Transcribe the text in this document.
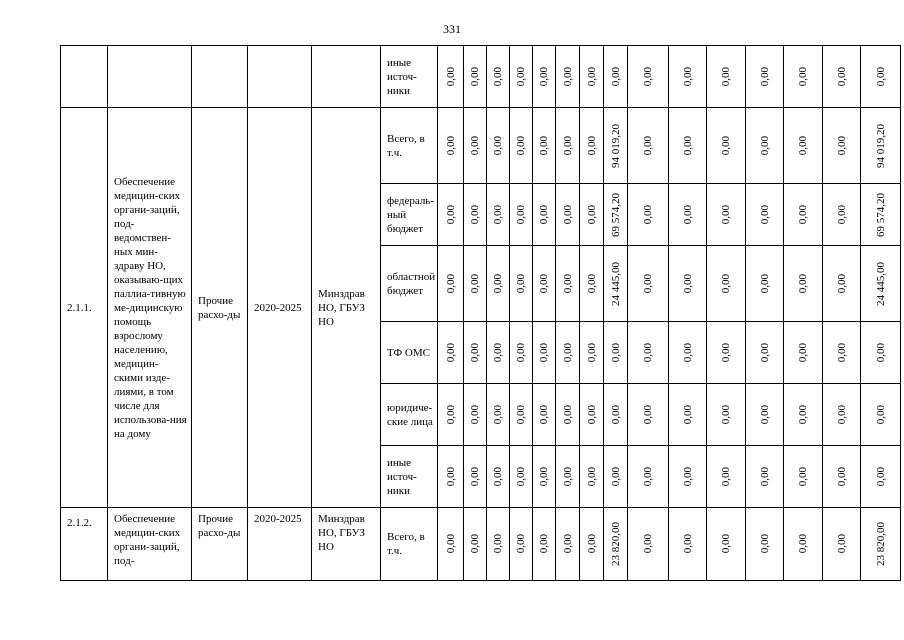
331
					иные источ-ники	0,00	0,00	0,00	0,00	0,00	0,00	0,00	0,00	0,00	0,00	0,00	0,00	0,00	0,00	0,00

2.1.1.	Обеспечение медицин-ских органи-заций, под-ведомствен-ных мин-здраву НО, оказываю-щих паллиа-тивную ме-дицинскую помощь взрослому населению, медицин-скими изде-лиями, в том числе для использова-ния на дому	Прочие расхо-ды	2020-2025	Минздрав НО, ГБУЗ НО	Всего, в т.ч.	0,00	0,00	0,00	0,00	0,00	0,00	0,00	94 019,20	0,00	0,00	0,00	0,00	0,00	0,00	94 019,20

					федераль-ный бюджет	0,00	0,00	0,00	0,00	0,00	0,00	0,00	69 574,20	0,00	0,00	0,00	0,00	0,00	0,00	69 574,20

					областной бюджет	0,00	0,00	0,00	0,00	0,00	0,00	0,00	24 445,00	0,00	0,00	0,00	0,00	0,00	0,00	24 445,00

					ТФ ОМС	0,00	0,00	0,00	0,00	0,00	0,00	0,00	0,00	0,00	0,00	0,00	0,00	0,00	0,00	0,00

					юридиче-ские лица	0,00	0,00	0,00	0,00	0,00	0,00	0,00	0,00	0,00	0,00	0,00	0,00	0,00	0,00	0,00

					иные источ-ники	0,00	0,00	0,00	0,00	0,00	0,00	0,00	0,00	0,00	0,00	0,00	0,00	0,00	0,00	0,00

2.1.2.	Обеспечение медицин-ских органи-заций, под-	Прочие расхо-ды	2020-2025	Минздрав НО, ГБУЗ НО	Всего, в т.ч.	0,00	0,00	0,00	0,00	0,00	0,00	0,00	23 820,00	0,00	0,00	0,00	0,00	0,00	0,00	23 820,00
